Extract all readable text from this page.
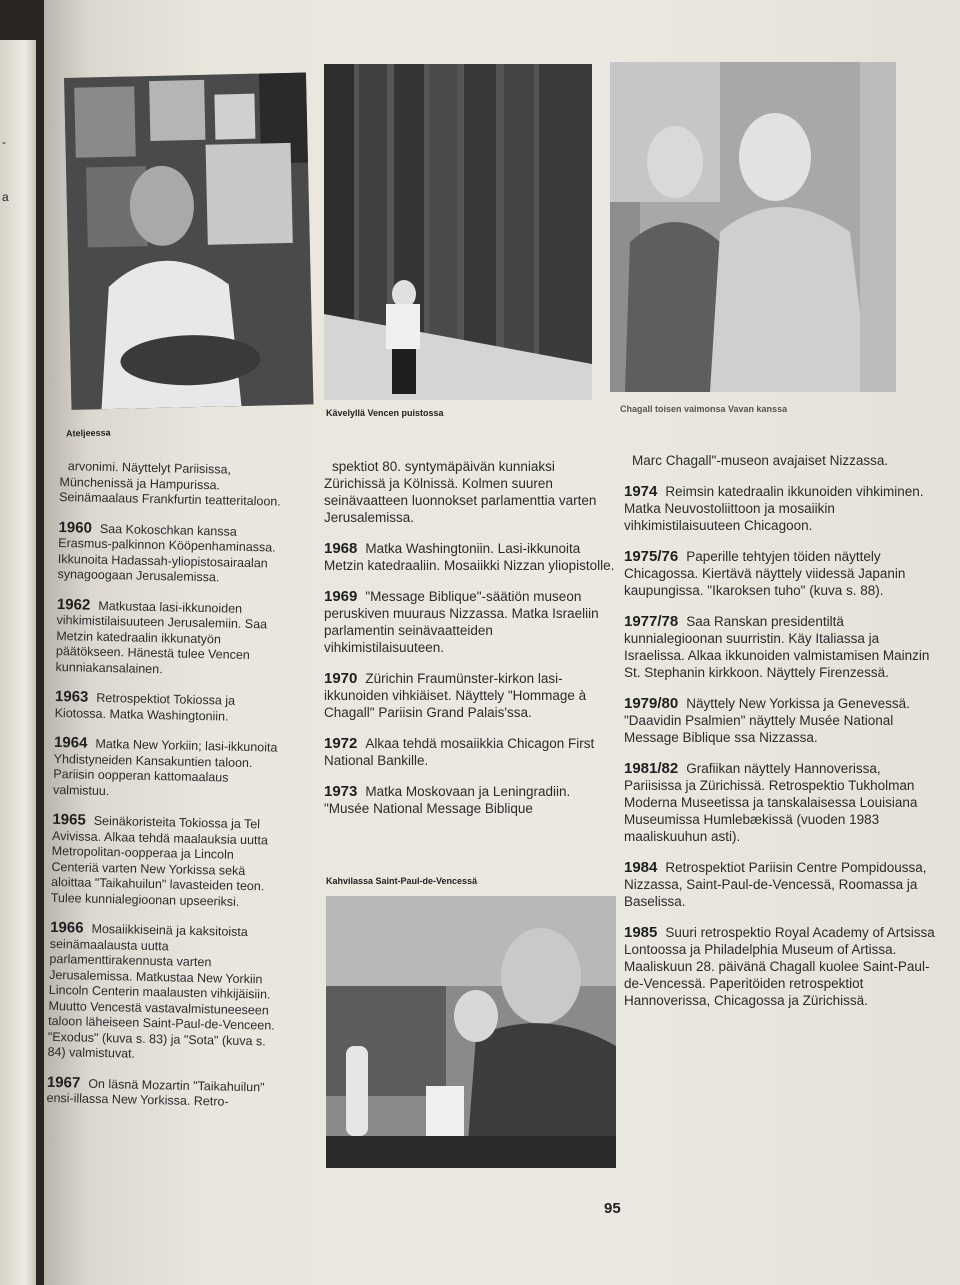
-
a
Ateljeessa
Kävelyllä Vencen puistossa	Chagall toisen vaimonsa Vavan kanssa

arvonimi. Näyttelyt Pariisissa, Münchenissä ja Hampurissa. Seinämaalaus Frankfurtin teatteritaloon.

1960 Saa Kokoschkan kanssa Erasmus-palkinnon Kööpenhaminassa. Ikkunoita Hadassah-yliopistosairaalan synagoogaan Jerusalemissa.

1962 Matkustaa lasi-ikkunoiden vihkimistilaisuuteen Jerusalemiin. Saa Metzin katedraalin ikkunatyön päätökseen. Hänestä tulee Vencen kunniakansalainen.

1963 Retrospektiot Tokiossa ja Kiotossa. Matka Washingtoniin.

1964 Matka New Yorkiin; lasi-ikkunoita Yhdistyneiden Kansakuntien taloon. Pariisin oopperan kattomaalaus valmistuu.

1965 Seinäkoristeita Tokiossa ja Tel Avivissa. Alkaa tehdä maalauksia uutta Metropolitan-oopperaa ja Lincoln Centeriä varten New Yorkissa sekä aloittaa "Taikahuilun" lavasteiden teon. Tulee kunnialegioonan upseeriksi.

1966 Mosaiikkiseinä ja kaksitoista seinämaalausta uutta parlamenttirakennusta varten Jerusalemissa. Matkustaa New Yorkiin Lincoln Centerin maalausten vihkijäisiin. Muutto Vencestä vastavalmistuneeseen taloon läheiseen Saint-Paul-de-Venceen. "Exodus" (kuva s. 83) ja "Sota" (kuva s. 84) valmistuvat.

1967 On läsnä Mozartin "Taikahuilun" ensi-illassa New Yorkissa. Retro-

spektiot 80. syntymäpäivän kunniaksi Zürichissä ja Kölnissä. Kolmen suuren seinävaatteen luonnokset parlamenttia varten Jerusalemissa.

1968 Matka Washingtoniin. Lasi-ikkunoita Metzin katedraaliin. Mosaiikki Nizzan yliopistolle.

1969 "Message Biblique"-säätiön museon peruskiven muuraus Nizzassa. Matka Israeliin parlamentin seinävaatteiden vihkimistilaisuuteen.

1970 Zürichin Fraumünster-kirkon lasi-ikkunoiden vihkiäiset. Näyttely "Hommage à Chagall" Pariisin Grand Palais'ssa.

1972 Alkaa tehdä mosaiikkia Chicagon First National Bankille.

1973 Matka Moskovaan ja Leningradiin. "Musée National Message Biblique

Kahvilassa Saint-Paul-de-Vencessä

Marc Chagall"-museon avajaiset Nizzassa.

1974 Reimsin katedraalin ikkunoiden vihkiminen. Matka Neuvostoliittoon ja mosaiikin vihkimistilaisuuteen Chicagoon.

1975/76 Paperille tehtyjen töiden näyttely Chicagossa. Kiertävä näyttely viidessä Japanin kaupungissa. "Ikaroksen tuho" (kuva s. 88).

1977/78 Saa Ranskan presidentiltä kunnialegioonan suurristin. Käy Italiassa ja Israelissa. Alkaa ikkunoiden valmistamisen Mainzin St. Stephanin kirkkoon. Näyttely Firenzessä.

1979/80 Näyttely New Yorkissa ja Genevessä. "Daavidin Psalmien" näyttely Musée National Message Biblique ssa Nizzassa.

1981/82 Grafiikan näyttely Hannoverissa, Pariisissa ja Zürichissä. Retrospektio Tukholman Moderna Museetissa ja tanskalaisessa Louisiana Museumissa Humlebækissä (vuoden 1983 maaliskuuhun asti).

1984 Retrospektiot Pariisin Centre Pompidoussa, Nizzassa, Saint-Paul-de-Vencessä, Roomassa ja Baselissa.

1985 Suuri retrospektio Royal Academy of Artsissa Lontoossa ja Philadelphia Museum of Artissa. Maaliskuun 28. päivänä Chagall kuolee Saint-Paul-de-Vencessä. Paperitöiden retrospektiot Hannoverissa, Chicagossa ja Zürichissä.

95
